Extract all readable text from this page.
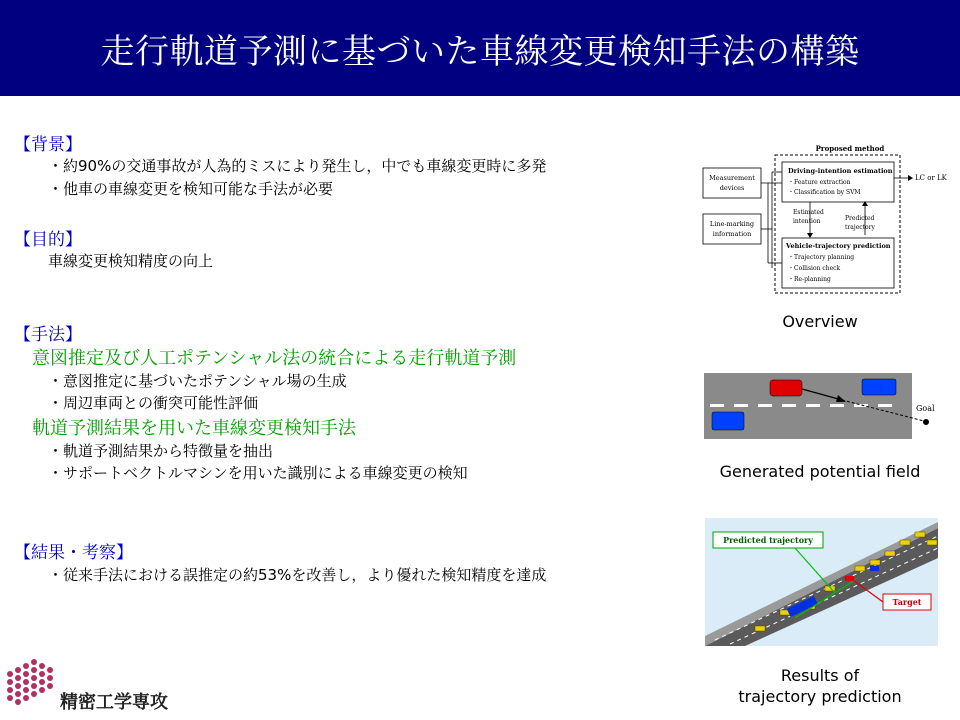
走行軌道予測に基づいた車線変更検知手法の構築
【背景】
・約90%の交通事故が人為的ミスにより発生し，中でも車線変更時に多発
・他車の車線変更を検知可能な手法が必要
【目的】
車線変更検知精度の向上
【手法】
意図推定及び人工ポテンシャル法の統合による走行軌道予測
・意図推定に基づいたポテンシャル場の生成
・周辺車両との衝突可能性評価
軌道予測結果を用いた車線変更検知手法
・軌道予測結果から特徴量を抽出
・サポートベクトルマシンを用いた識別による車線変更の検知
【結果・考察】
・従来手法における誤推定の約53%を改善し，より優れた検知精度を達成
Proposed method
Measurement
devices
Line-marking
information
Driving-intention estimation
・Feature extraction
・Classification by SVM
Estimated
intention	Predicted
trajectory
Vehicle-trajectory prediction
・Trajectory planning
・Collision check
・Re-planning
LC or LK
Overview
Goal
Generated potential field
Predicted trajectory
Target
Results of
trajectory prediction
精密工学専攻
